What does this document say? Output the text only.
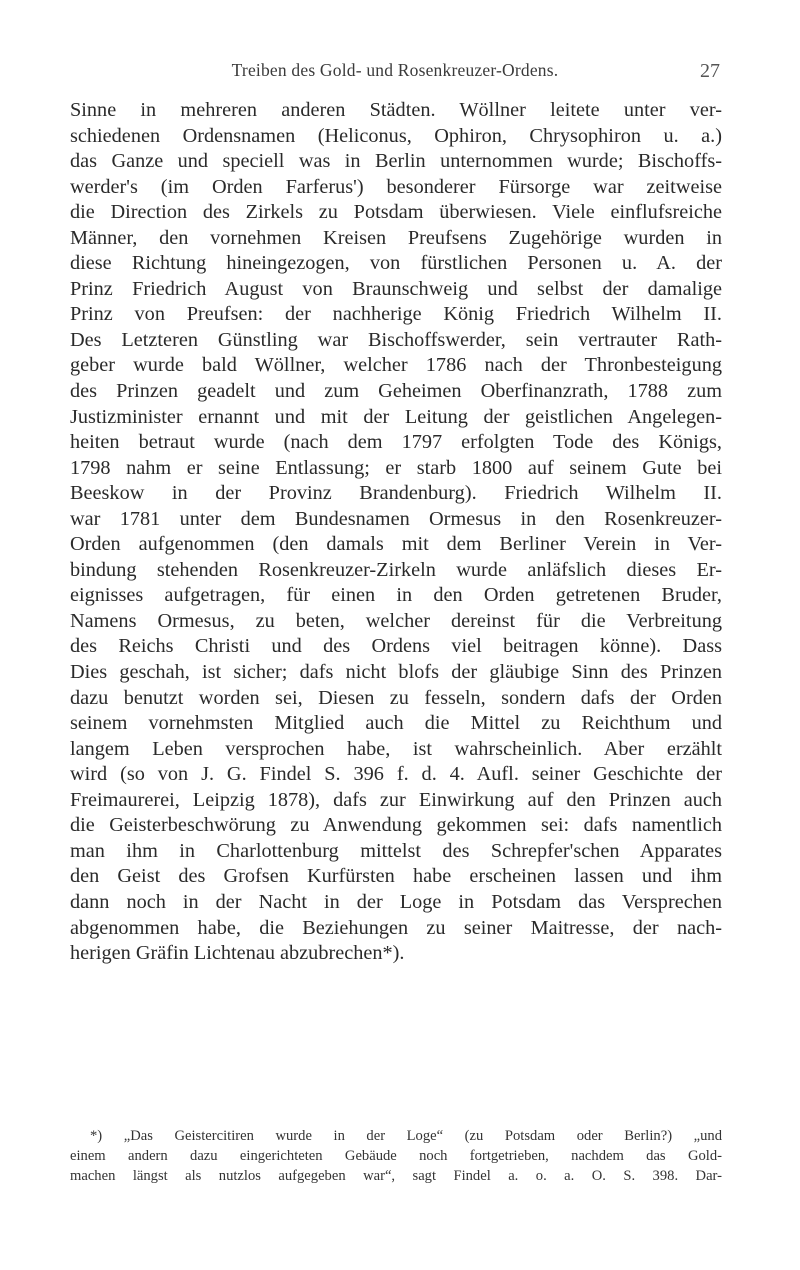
Treiben des Gold- und Rosenkreuzer-Ordens.	27
Sinne in mehreren anderen Städten. Wöllner leitete unter ver-
schiedenen Ordensnamen (Heliconus, Ophiron, Chrysophiron u. a.)
das Ganze und speciell was in Berlin unternommen wurde; Bischoffs-
werder's (im Orden Farferus') besonderer Fürsorge war zeitweise
die Direction des Zirkels zu Potsdam überwiesen. Viele einflufsreiche
Männer, den vornehmen Kreisen Preufsens Zugehörige wurden in
diese Richtung hineingezogen, von fürstlichen Personen u. A. der
Prinz Friedrich August von Braunschweig und selbst der damalige
Prinz von Preufsen: der nachherige König Friedrich Wilhelm II.
Des Letzteren Günstling war Bischoffswerder, sein vertrauter Rath-
geber wurde bald Wöllner, welcher 1786 nach der Thronbesteigung
des Prinzen geadelt und zum Geheimen Oberfinanzrath, 1788 zum
Justizminister ernannt und mit der Leitung der geistlichen Angelegen-
heiten betraut wurde (nach dem 1797 erfolgten Tode des Königs,
1798 nahm er seine Entlassung; er starb 1800 auf seinem Gute bei
Beeskow in der Provinz Brandenburg). Friedrich Wilhelm II.
war 1781 unter dem Bundesnamen Ormesus in den Rosenkreuzer-
Orden aufgenommen (den damals mit dem Berliner Verein in Ver-
bindung stehenden Rosenkreuzer-Zirkeln wurde anläfslich dieses Er-
eignisses aufgetragen, für einen in den Orden getretenen Bruder,
Namens Ormesus, zu beten, welcher dereinst für die Verbreitung
des Reichs Christi und des Ordens viel beitragen könne). Dass
Dies geschah, ist sicher; dafs nicht blofs der gläubige Sinn des Prinzen
dazu benutzt worden sei, Diesen zu fesseln, sondern dafs der Orden
seinem vornehmsten Mitglied auch die Mittel zu Reichthum und
langem Leben versprochen habe, ist wahrscheinlich. Aber erzählt
wird (so von J. G. Findel S. 396 f. d. 4. Aufl. seiner Geschichte der
Freimaurerei, Leipzig 1878), dafs zur Einwirkung auf den Prinzen auch
die Geisterbeschwörung zu Anwendung gekommen sei: dafs namentlich
man ihm in Charlottenburg mittelst des Schrepfer'schen Apparates
den Geist des Grofsen Kurfürsten habe erscheinen lassen und ihm
dann noch in der Nacht in der Loge in Potsdam das Versprechen
abgenommen habe, die Beziehungen zu seiner Maitresse, der nach-
herigen Gräfin Lichtenau abzubrechen*).
*) „Das Geistercitiren wurde in der Loge“ (zu Potsdam oder Berlin?) „und
einem andern dazu eingerichteten Gebäude noch fortgetrieben, nachdem das Gold-
machen längst als nutzlos aufgegeben war“, sagt Findel a. o. a. O. S. 398. Dar-
